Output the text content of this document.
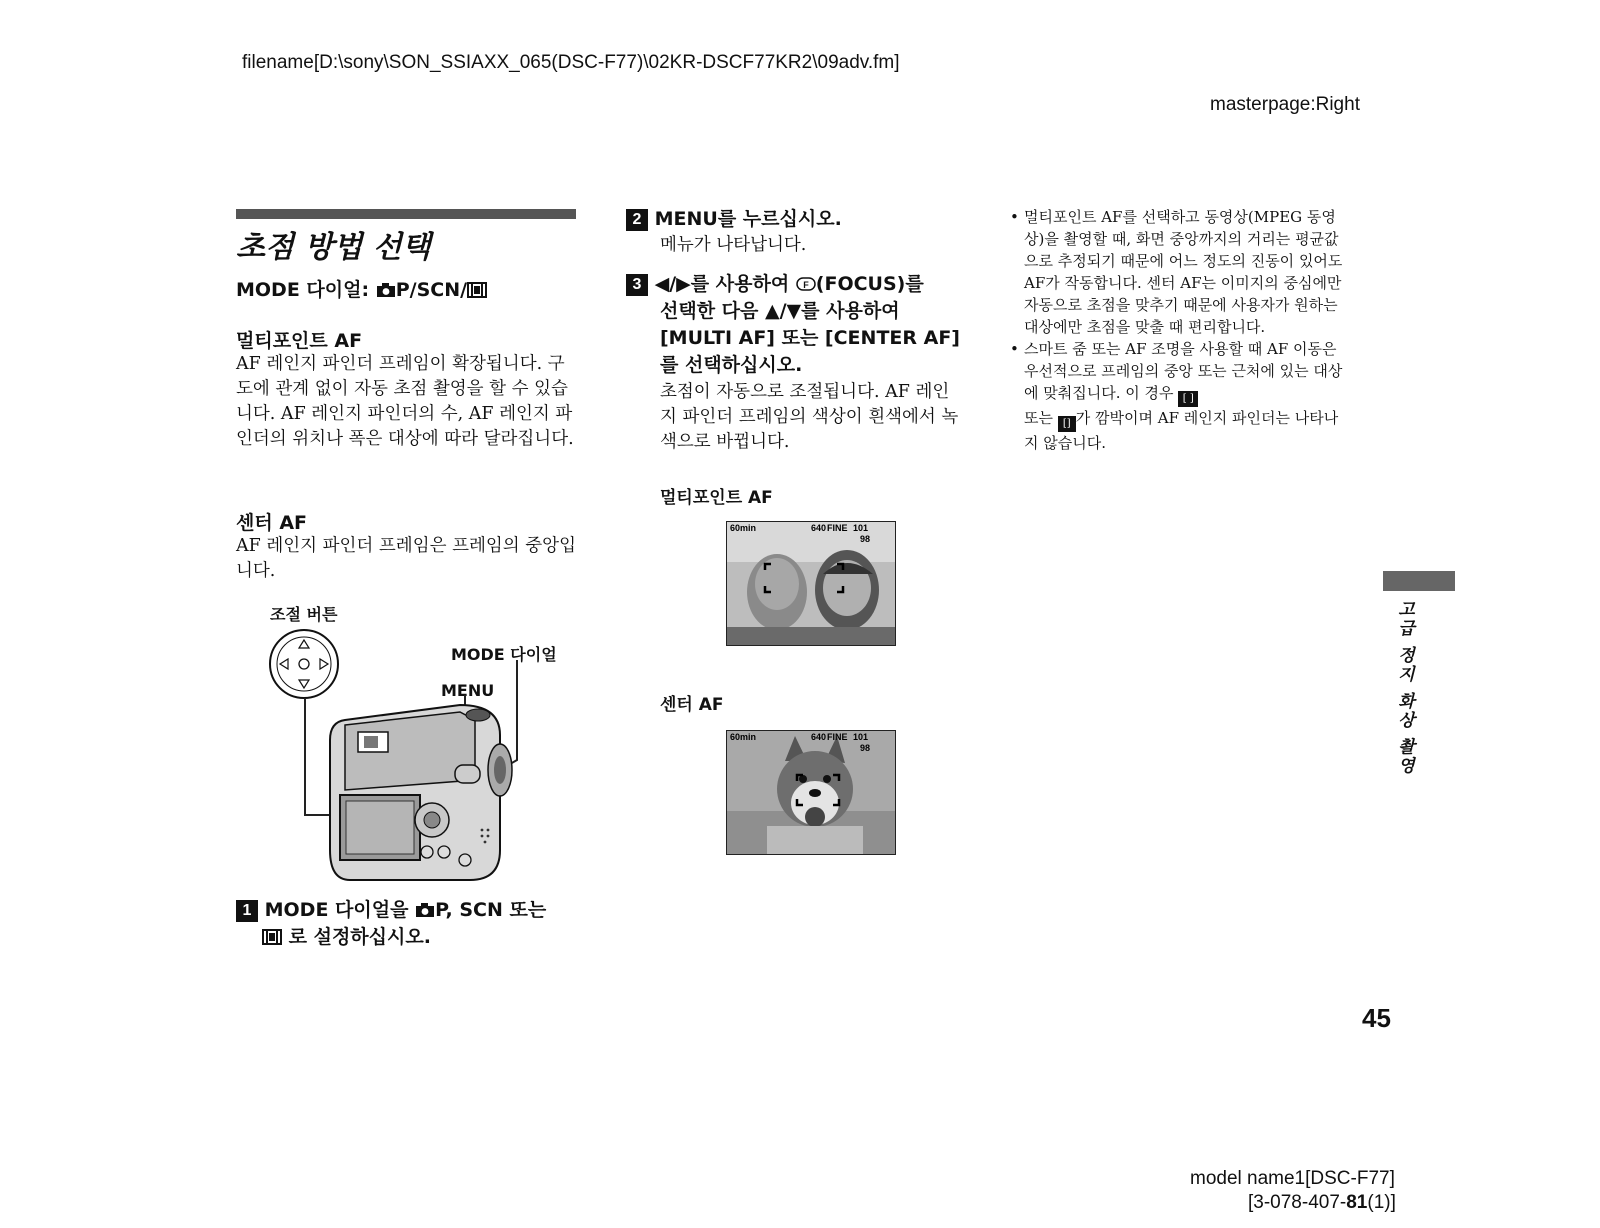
filename[D:\sony\SON_SSIAXX_065(DSC-F77)\02KR-DSCF77KR2\09adv.fm]
masterpage:Right
초점 방법 선택
MODE 다이얼: P/SCN/
멀티포인트 AF
AF 레인지 파인더 프레임이 확장됩니다. 구도에 관계 없이 자동 초점 촬영을 할 수 있습니다. AF 레인지 파인더의 수, AF 레인지 파인더의 위치나 폭은 대상에 따라 달라집니다.
센터 AF
AF 레인지 파인더 프레임은 프레임의 중앙입니다.
조절 버튼
MODE 다이얼
MENU
1 MODE 다이얼을 P, SCN 또는
로 설정하십시오.
2 MENU를 누르십시오.
메뉴가 나타납니다.
3 ◀/▶를 사용하여 F (FOCUS)를
선택한 다음 ▲/▼를 사용하여 [MULTI AF] 또는 [CENTER AF]를 선택하십시오.
초점이 자동으로 조절됩니다. AF 레인지 파인더 프레임의 색상이 흰색에서 녹색으로 바뀝니다.
멀티포인트 AF
60min	640 FINE 101
98
센터 AF
60min	640 FINE 101
98
• 멀티포인트 AF를 선택하고 동영상(MPEG 동영상)을 촬영할 때, 화면 중앙까지의 거리는 평균값으로 추정되기 때문에 어느 정도의 진동이 있어도 AF가 작동합니다. 센터 AF는 이미지의 중심에만 자동으로 초점을 맞추기 때문에 사용자가 원하는 대상에만 초점을 맞출 때 편리합니다.
• 스마트 줌 또는 AF 조명을 사용할 때 AF 이동은 우선적으로 프레임의 중앙 또는 근처에 있는 대상에 맞춰집니다. 이 경우 [ ]
또는 [] 가 깜박이며 AF 레인지 파인더는 나타나지 않습니다.
고급 정지 화상 촬영
45
model name1[DSC-F77]
[3-078-407-81(1)]
